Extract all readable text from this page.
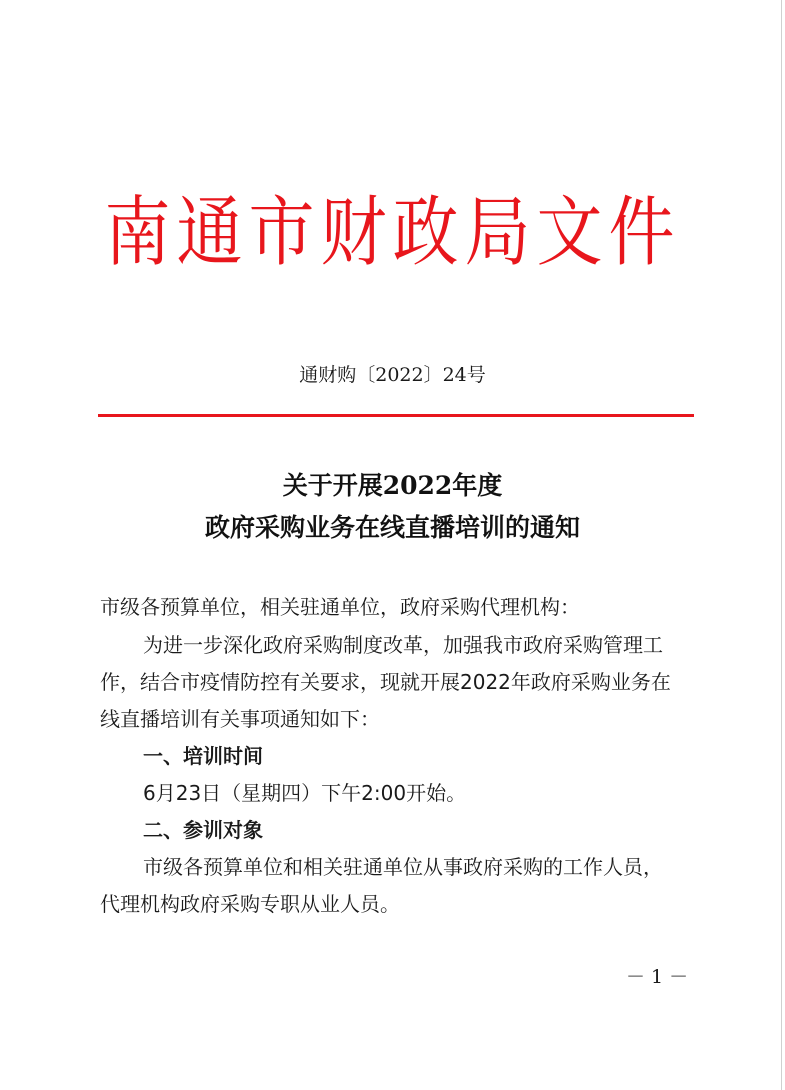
南通市财政局文件
通财购〔2022〕24号
关于开展2022年度
政府采购业务在线直播培训的通知
市级各预算单位，相关驻通单位，政府采购代理机构：
为进一步深化政府采购制度改革，加强我市政府采购管理工
作，结合市疫情防控有关要求，现就开展2022年政府采购业务在
线直播培训有关事项通知如下：
一、培训时间
6月23日（星期四）下午2:00开始。
二、参训对象
市级各预算单位和相关驻通单位从事政府采购的工作人员，
代理机构政府采购专职从业人员。
－ 1 －
